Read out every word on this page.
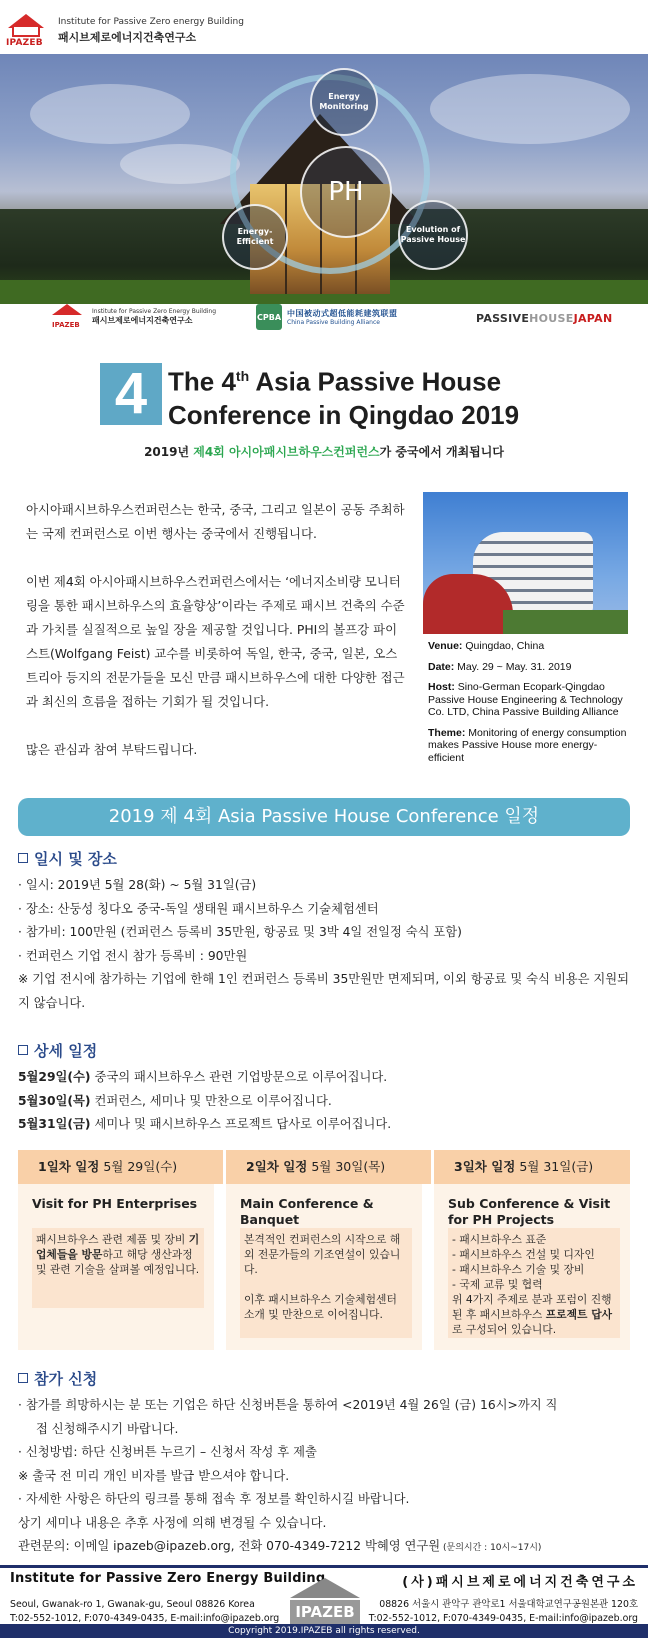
IPAZEB
Institute for Passive Zero energy Building
패시브제로에너지건축연구소
Energy Monitoring
PH
Energy-Efficient
Evolution of Passive House
IPAZEB
Institute for Passive Zero Energy Building
패시브제로에너지건축연구소	CPBA 中国被动式超低能耗建筑联盟
China Passive Building Alliance	PASSIVEHOUSEJAPAN
4 The 4th Asia Passive House
Conference in Qingdao 2019
2019년 제4회 아시아패시브하우스컨퍼런스가 중국에서 개최됩니다

아시아패시브하우스컨퍼런스는 한국, 중국, 그리고 일본이 공동 주최하는 국제 컨퍼런스로 이번 행사는 중국에서 진행됩니다.

이번 제4회 아시아패시브하우스컨퍼런스에서는 ‘에너지소비량 모니터링을 통한 패시브하우스의 효율향상’이라는 주제로 패시브 건축의 수준과 가치를 실질적으로 높일 장을 제공할 것입니다. PHI의 볼프강 파이스트(Wolfgang Feist) 교수를 비롯하여 독일, 한국, 중국, 일본, 오스트리아 등지의 전문가들을 모신 만큼 패시브하우스에 대한 다양한 접근과 최신의 흐름을 접하는 기회가 될 것입니다.

많은 관심과 참여 부탁드립니다.

Venue: Quingdao, China
Date: May. 29 ~ May. 31. 2019
Host: Sino-German Ecopark-Qingdao Passive House Engineering & Technology Co. LTD, China Passive Building Alliance
Theme: Monitoring of energy consumption makes Passive House more energy-efficient
2019 제 4회 Asia Passive House Conference 일정
일시 및 장소
· 일시: 2019년 5월 28(화) ~ 5월 31일(금)
· 장소: 산둥성 칭다오 중국-독일 생태원 패시브하우스 기술체험센터
· 참가비: 100만원 (컨퍼런스 등록비 35만원, 항공료 및 3박 4일 전일정 숙식 포함)
· 컨퍼런스 기업 전시 참가 등록비 : 90만원
※ 기업 전시에 참가하는 기업에 한해 1인 컨퍼런스 등록비 35만원만 면제되며, 이외 항공료 및 숙식 비용은 지원되지 않습니다.
상세 일정
5월29일(수) 중국의 패시브하우스 관련 기업방문으로 이루어집니다.
5월30일(목) 컨퍼런스, 세미나 및 만찬으로 이루어집니다.
5월31일(금) 세미나 및 패시브하우스 프로젝트 답사로 이루어집니다.
1일차 일정 5월 29일(수)
Visit for PH Enterprises
패시브하우스 관련 제품 및 장비 기업체들을 방문하고 해당 생산과정 및 관련 기술을 살펴볼 예정입니다.
2일차 일정 5월 30일(목)
Main Conference & Banquet
본격적인 컨퍼런스의 시작으로 해외 전문가들의 기조연설이 있습니다.

이후 패시브하우스 기술체험센터 소개 및 만찬으로 이어집니다.
3일차 일정 5월 31일(금)
Sub Conference & Visit for PH Projects
- 패시브하우스 표준
- 패시브하우스 건설 및 디자인
- 패시브하우스 기술 및 장비
- 국제 교류 및 협력
위 4가지 주제로 분과 포럼이 진행된 후 패시브하우스 프로젝트 답사로 구성되어 있습니다.
참가 신청
· 참가를 희망하시는 분 또는 기업은 하단 신청버튼을 통하여 <2019년 4월 26일 (금) 16시>까지 직
접 신청해주시기 바랍니다.
· 신청방법: 하단 신청버튼 누르기 – 신청서 작성 후 제출
※ 출국 전 미리 개인 비자를 발급 받으셔야 합니다.
· 자세한 사항은 하단의 링크를 통해 접속 후 정보를 확인하시길 바랍니다.
상기 세미나 내용은 추후 사정에 의해 변경될 수 있습니다.
관련문의: 이메일 ipazeb@ipazeb.org, 전화 070-4349-7212 박혜영 연구원 (문의시간 : 10시~17시)
Institute for Passive Zero Energy Building	(사)패시브제로에너지건축연구소
Seoul, Gwanak-ro 1, Gwanak-gu, Seoul 08826 Korea
T:02-552-1012, F:070-4349-0435, E-mail:info@ipazeb.org	IPAZEB	08826 서울시 관악구 관악로1 서울대학교연구공원본관 120호
T:02-552-1012, F:070-4349-0435, E-mail:info@ipazeb.org
Copyright 2019.IPAZEB all rights reserved.
